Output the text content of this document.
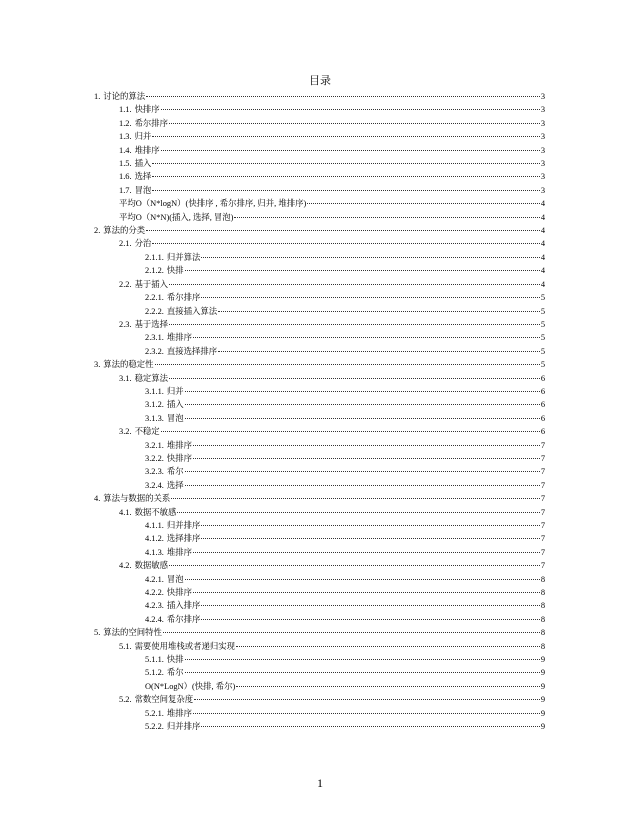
目录
1. 讨论的算法	3
1.1. 快排序	3
1.2. 希尔排序	3
1.3. 归并	3
1.4. 堆排序	3
1.5. 插入	3
1.6. 选择	3
1.7. 冒泡	3
平均O（N*logN）(快排序 , 希尔排序, 归并, 堆排序)	4
平均O（N*N)(插入, 选择, 冒泡)	4
2. 算法的分类	4
2.1. 分治	4
2.1.1. 归并算法	4
2.1.2. 快排	4
2.2. 基于插入	4
2.2.1. 希尔排序	5
2.2.2. 直接插入算法	5
2.3. 基于选择	5
2.3.1. 堆排序	5
2.3.2. 直接选择排序	5
3. 算法的稳定性	5
3.1. 稳定算法	6
3.1.1. 归并	6
3.1.2. 插入	6
3.1.3. 冒泡	6
3.2. 不稳定	6
3.2.1. 堆排序	7
3.2.2. 快排序	7
3.2.3. 希尔	7
3.2.4. 选择	7
4. 算法与数据的关系	7
4.1. 数据不敏感	7
4.1.1. 归并排序	7
4.1.2. 选择排序	7
4.1.3. 堆排序	7
4.2. 数据敏感	7
4.2.1. 冒泡	8
4.2.2. 快排序	8
4.2.3. 插入排序	8
4.2.4. 希尔排序	8
5. 算法的空间特性	8
5.1. 需要使用堆栈或者递归实现	8
5.1.1. 快排	9
5.1.2. 希尔	9
O(N*LogN）(快排, 希尔)	9
5.2. 常数空间复杂度	9
5.2.1. 堆排序	9
5.2.2. 归并排序	9
1
